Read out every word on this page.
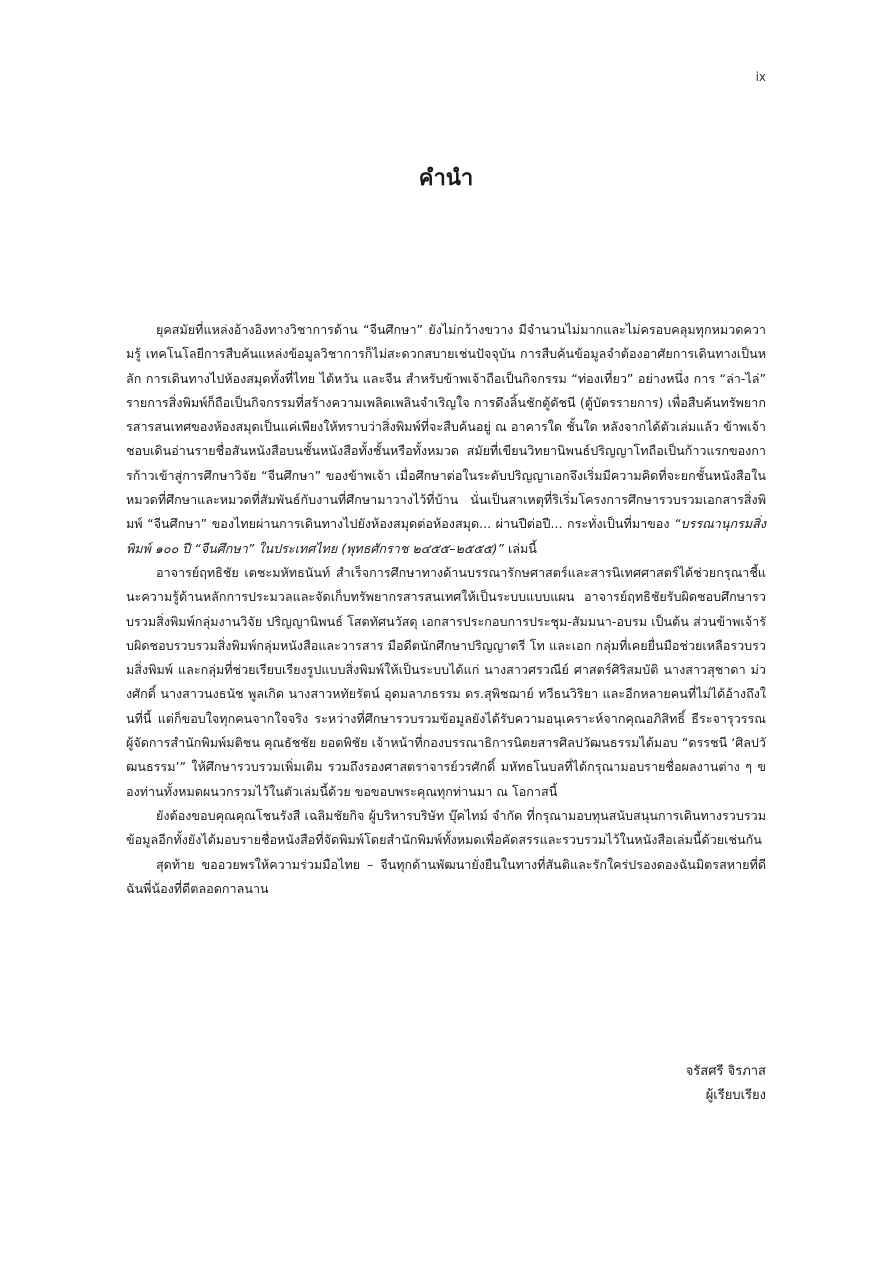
ix
คำนำ

ยุคสมัยที่แหล่งอ้างอิงทางวิชาการด้าน “จีนศึกษา” ยังไม่กว้างขวาง มีจำนวนไม่มากและไม่ครอบคลุมทุกหมวดความรู้ เทคโนโลยีการสืบค้นแหล่งข้อมูลวิชาการก็ไม่สะดวกสบายเช่นปัจจุบัน การสืบค้นข้อมูลจำต้องอาศัยการเดินทางเป็นหลัก การเดินทางไปห้องสมุดทั้งที่ไทย ไต้หวัน และจีน สำหรับข้าพเจ้าถือเป็นกิจกรรม “ท่องเที่ยว” อย่างหนึ่ง การ “ล่า-ไล่” รายการสิ่งพิมพ์ก็ถือเป็นกิจกรรมที่สร้างความเพลิดเพลินจำเริญใจ การดึงลิ้นชักตู้ดัชนี (ตู้บัตรรายการ) เพื่อสืบค้นทรัพยากรสารสนเทศของห้องสมุดเป็นแค่เพียงให้ทราบว่าสิ่งพิมพ์ที่จะสืบค้นอยู่ ณ อาคารใด ชั้นใด หลังจากได้ตัวเล่มแล้ว ข้าพเจ้าชอบเดินอ่านรายชื่อสันหนังสือบนชั้นหนังสือทั้งชั้นหรือทั้งหมวด สมัยที่เขียนวิทยานิพนธ์ปริญญาโทถือเป็นก้าวแรกของการก้าวเข้าสู่การศึกษาวิจัย “จีนศึกษา” ของข้าพเจ้า เมื่อศึกษาต่อในระดับปริญญาเอกจึงเริ่มมีความคิดที่จะยกชั้นหนังสือในหมวดที่ศึกษาและหมวดที่สัมพันธ์กับงานที่ศึกษามาวางไว้ที่บ้าน นั่นเป็นสาเหตุที่ริเริ่มโครงการศึกษารวบรวมเอกสารสิ่งพิมพ์ “จีนศึกษา” ของไทยผ่านการเดินทางไปยังห้องสมุดต่อห้องสมุด... ผ่านปีต่อปี... กระทั่งเป็นที่มาของ “บรรณานุกรมสิ่งพิมพ์ ๑๐๐ ปี “จีนศึกษา” ในประเทศไทย (พุทธศักราช ๒๔๕๕–๒๕๕๕)” เล่มนี้

อาจารย์ฤทธิชัย เตชะมหัทธนันท์ สำเร็จการศึกษาทางด้านบรรณารักษศาสตร์และสารนิเทศศาสตร์ได้ช่วยกรุณาชี้แนะความรู้ด้านหลักการประมวลและจัดเก็บทรัพยากรสารสนเทศให้เป็นระบบแบบแผน อาจารย์ฤทธิชัยรับผิดชอบศึกษารวบรวมสิ่งพิมพ์กลุ่มงานวิจัย ปริญญานิพนธ์ โสตทัศนวัสดุ เอกสารประกอบการประชุม-สัมมนา-อบรม เป็นต้น ส่วนข้าพเจ้ารับผิดชอบรวบรวมสิ่งพิมพ์กลุ่มหนังสือและวารสาร มือดีตนักศึกษาปริญญาตรี โท และเอก กลุ่มที่เคยยื่นมือช่วยเหลือรวบรวมสิ่งพิมพ์ และกลุ่มที่ช่วยเรียบเรียงรูปแบบสิ่งพิมพ์ให้เป็นระบบได้แก่ นางสาวศรวณีย์ ศาสตร์ศิริสมบัติ นางสาวสุชาดา ม่วงศักดิ์ นางสาวนงธนัช พูลเกิด นางสาวหทัยรัตน์ อุดมลาภธรรม ดร.สุพิชฌาย์ ทวีธนวิริยา และอีกหลายคนที่ไม่ได้อ้างถึงในที่นี้ แต่ก็ขอบใจทุกคนจากใจจริง ระหว่างที่ศึกษารวบรวมข้อมูลยังได้รับความอนุเคราะห์จากคุณอภิสิทธิ์ ธีระจารุวรรณ ผู้จัดการสำนักพิมพ์มติชน คุณธัชชัย ยอดพิชัย เจ้าหน้าที่กองบรรณาธิการนิตยสารศิลปวัฒนธรรมได้มอบ “ดรรชนี ‘ศิลปวัฒนธรรม’” ให้ศึกษารวบรวมเพิ่มเติม รวมถึงรองศาสตราจารย์วรศักดิ์ มหัทธโนบลที่ได้กรุณามอบรายชื่อผลงานต่าง ๆ ของท่านทั้งหมดผนวกรวมไว้ในตัวเล่มนี้ด้วย ขอขอบพระคุณทุกท่านมา ณ โอกาสนี้

ยังต้องขอบคุณคุณโชนรังสี เฉลิมชัยกิจ ผู้บริหารบริษัท บุ๊คไทม์ จำกัด ที่กรุณามอบทุนสนับสนุนการเดินทางรวบรวมข้อมูลอีกทั้งยังได้มอบรายชื่อหนังสือที่จัดพิมพ์โดยสำนักพิมพ์ทั้งหมดเพื่อคัดสรรและรวบรวมไว้ในหนังสือเล่มนี้ด้วยเช่นกัน

สุดท้าย ขออวยพรให้ความร่วมมือไทย – จีนทุกด้านพัฒนายั่งยืนในทางที่สันติและรักใคร่ปรองดองฉันมิตรสหายที่ดี ฉันพี่น้องที่ดีตลอดกาลนาน

จรัสศรี จิรภาส
ผู้เรียบเรียง
